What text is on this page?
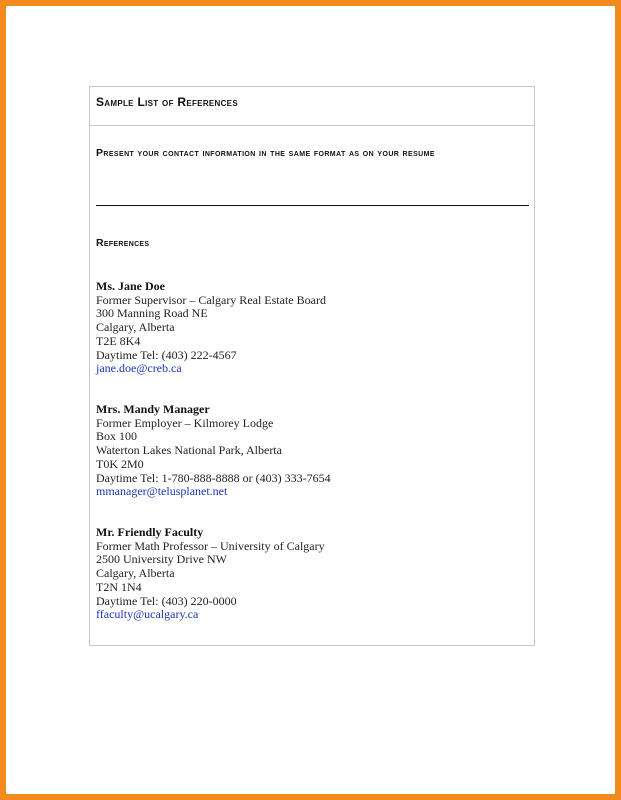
Sample List of References
Present your contact information in the same format as on your resume
References
Ms. Jane Doe
Former Supervisor – Calgary Real Estate Board
300 Manning Road NE
Calgary, Alberta
T2E 8K4
Daytime Tel: (403) 222-4567
jane.doe@creb.ca
Mrs. Mandy Manager
Former Employer – Kilmorey Lodge
Box 100
Waterton Lakes National Park, Alberta
T0K 2M0
Daytime Tel: 1-780-888-8888 or (403) 333-7654
mmanager@telusplanet.net
Mr. Friendly Faculty
Former Math Professor – University of Calgary
2500 University Drive NW
Calgary, Alberta
T2N 1N4
Daytime Tel: (403) 220-0000
ffaculty@ucalgary.ca
